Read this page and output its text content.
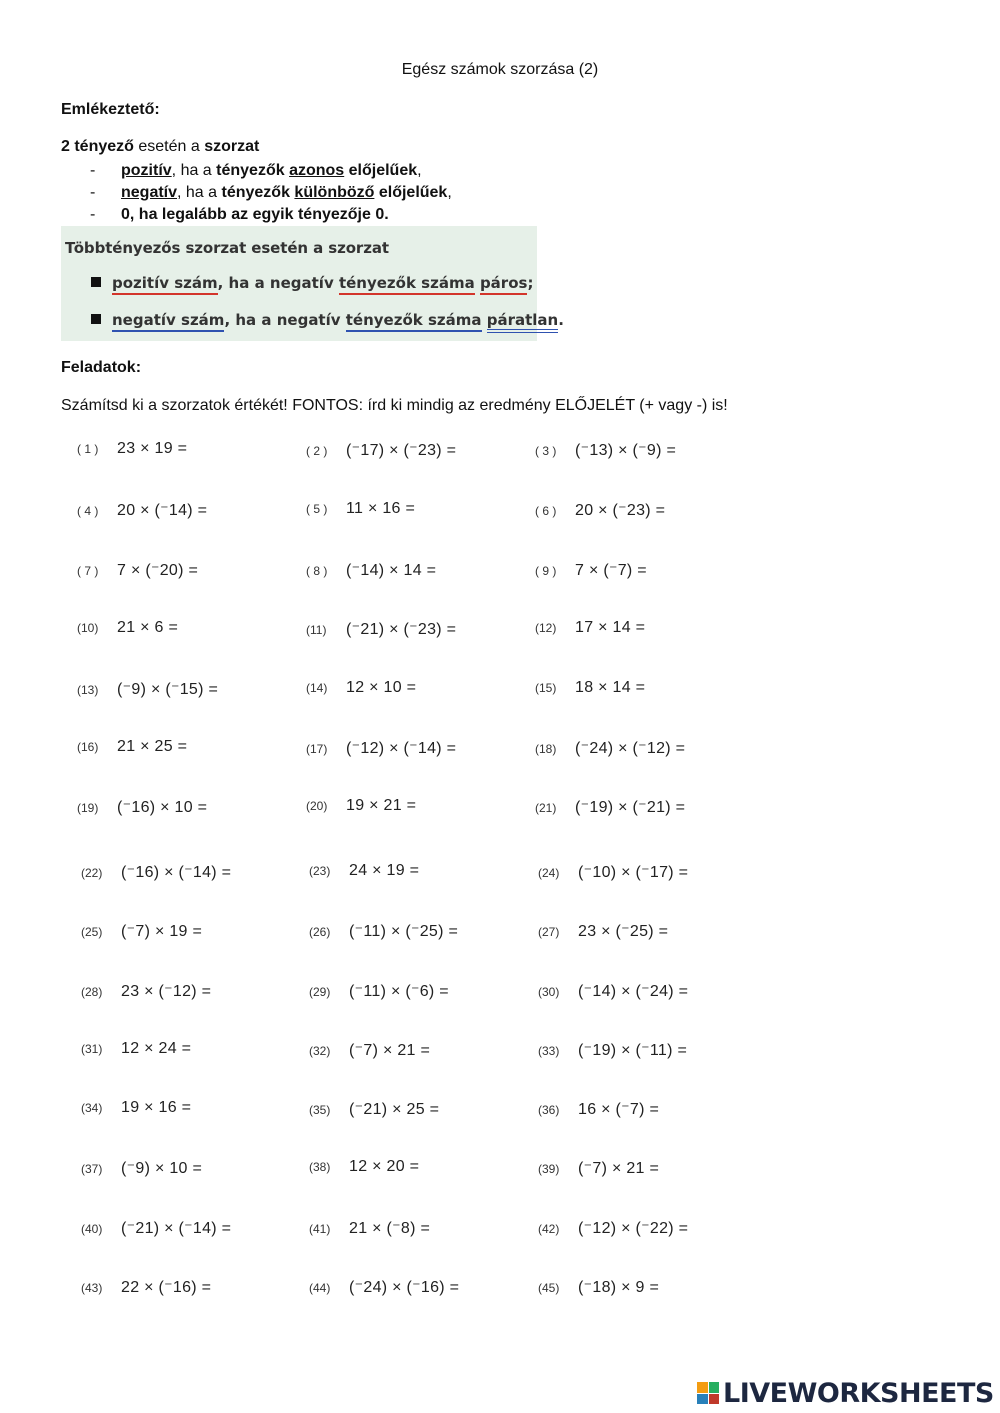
Egész számok szorzása (2)
Emlékeztető:
2 tényező esetén a szorzat
- pozitív, ha a tényezők azonos előjelűek,
- negatív, ha a tényezők különböző előjelűek,
- 0, ha legalább az egyik tényezője 0.
Többtényezős szorzat esetén a szorzat
pozitív szám, ha a negatív tényezők száma páros;
negatív szám, ha a negatív tényezők száma páratlan.
Feladatok:
Számítsd ki a szorzatok értékét! FONTOS: írd ki mindig az eredmény ELŐJELÉT (+ vagy -) is!
( 1 ) 23 × 19 =	( 2 ) (⁻17) × (⁻23) =	( 3 ) (⁻13) × (⁻9) =
( 4 ) 20 × (⁻14) =	( 5 ) 11 × 16 =	( 6 ) 20 × (⁻23) =
( 7 ) 7 × (⁻20) =	( 8 ) (⁻14) × 14 =	( 9 ) 7 × (⁻7) =
(10) 21 × 6 =	(11) (⁻21) × (⁻23) =	(12) 17 × 14 =
(13) (⁻9) × (⁻15) =	(14) 12 × 10 =	(15) 18 × 14 =
(16) 21 × 25 =	(17) (⁻12) × (⁻14) =	(18) (⁻24) × (⁻12) =
(19) (⁻16) × 10 =	(20) 19 × 21 =	(21) (⁻19) × (⁻21) =
(22) (⁻16) × (⁻14) =	(23) 24 × 19 =	(24) (⁻10) × (⁻17) =
(25) (⁻7) × 19 =	(26) (⁻11) × (⁻25) =	(27) 23 × (⁻25) =
(28) 23 × (⁻12) =	(29) (⁻11) × (⁻6) =	(30) (⁻14) × (⁻24) =
(31) 12 × 24 =	(32) (⁻7) × 21 =	(33) (⁻19) × (⁻11) =
(34) 19 × 16 =	(35) (⁻21) × 25 =	(36) 16 × (⁻7) =
(37) (⁻9) × 10 =	(38) 12 × 20 =	(39) (⁻7) × 21 =
(40) (⁻21) × (⁻14) =	(41) 21 × (⁻8) =	(42) (⁻12) × (⁻22) =
(43) 22 × (⁻16) =	(44) (⁻24) × (⁻16) =	(45) (⁻18) × 9 =
LIVEWORKSHEETS
